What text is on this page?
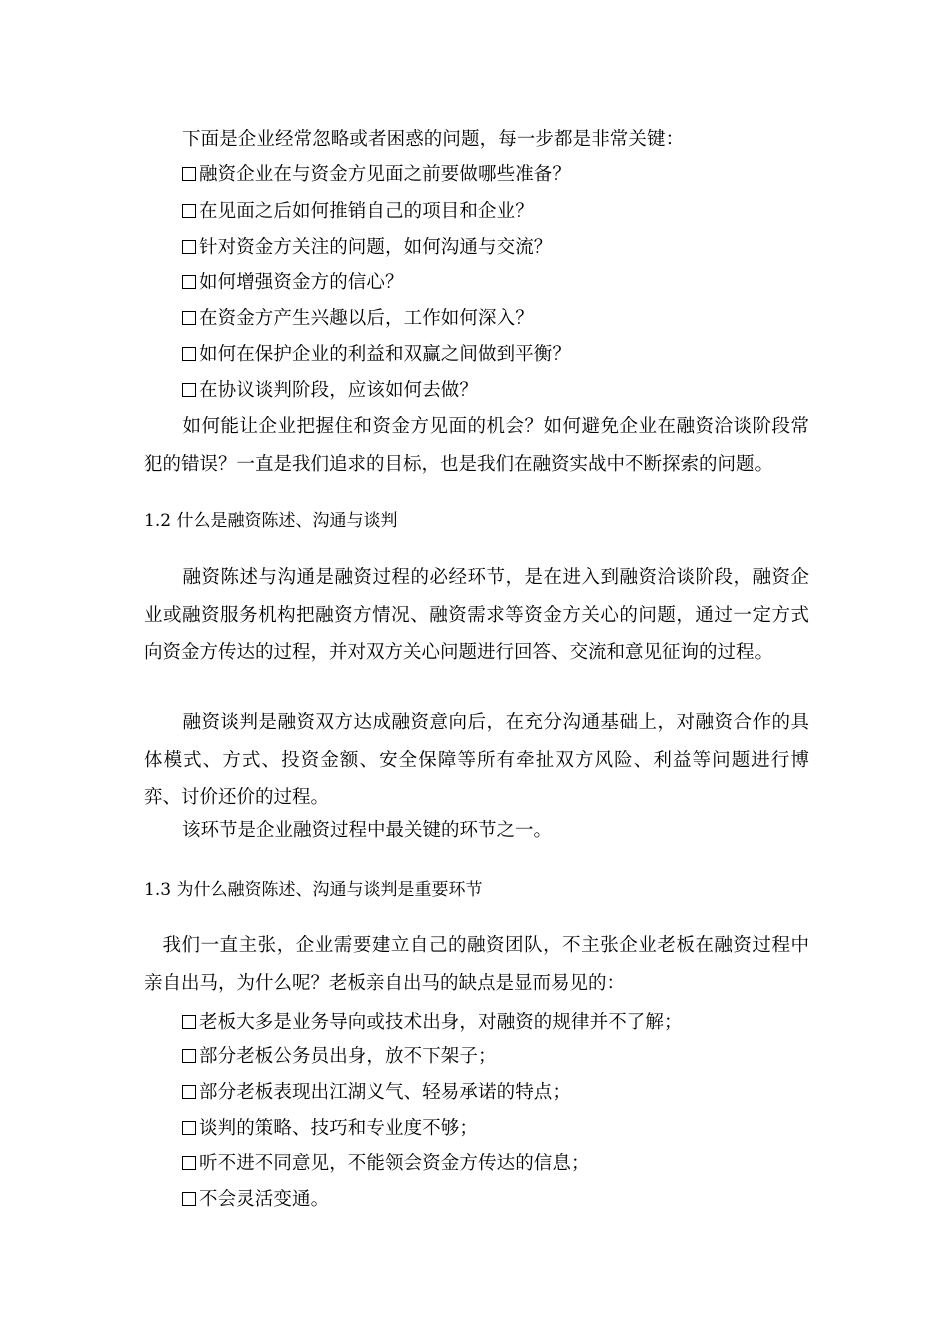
下面是企业经常忽略或者困惑的问题，每一步都是非常关键：
融资企业在与资金方见面之前要做哪些准备？
在见面之后如何推销自己的项目和企业？
针对资金方关注的问题，如何沟通与交流？
如何增强资金方的信心？
在资金方产生兴趣以后，工作如何深入？
如何在保护企业的利益和双赢之间做到平衡？
在协议谈判阶段，应该如何去做？
如何能让企业把握住和资金方见面的机会？如何避免企业在融资洽谈阶段常犯的错误？一直是我们追求的目标，也是我们在融资实战中不断探索的问题。
1.2 什么是融资陈述、沟通与谈判
融资陈述与沟通是融资过程的必经环节，是在进入到融资洽谈阶段，融资企业或融资服务机构把融资方情况、融资需求等资金方关心的问题，通过一定方式向资金方传达的过程，并对双方关心问题进行回答、交流和意见征询的过程。
融资谈判是融资双方达成融资意向后，在充分沟通基础上，对融资合作的具体模式、方式、投资金额、安全保障等所有牵扯双方风险、利益等问题进行博弈、讨价还价的过程。
该环节是企业融资过程中最关键的环节之一。
1.3 为什么融资陈述、沟通与谈判是重要环节
我们一直主张，企业需要建立自己的融资团队，不主张企业老板在融资过程中亲自出马，为什么呢？老板亲自出马的缺点是显而易见的：
老板大多是业务导向或技术出身，对融资的规律并不了解；
部分老板公务员出身，放不下架子；
部分老板表现出江湖义气、轻易承诺的特点；
谈判的策略、技巧和专业度不够；
听不进不同意见，不能领会资金方传达的信息；
不会灵活变通。
